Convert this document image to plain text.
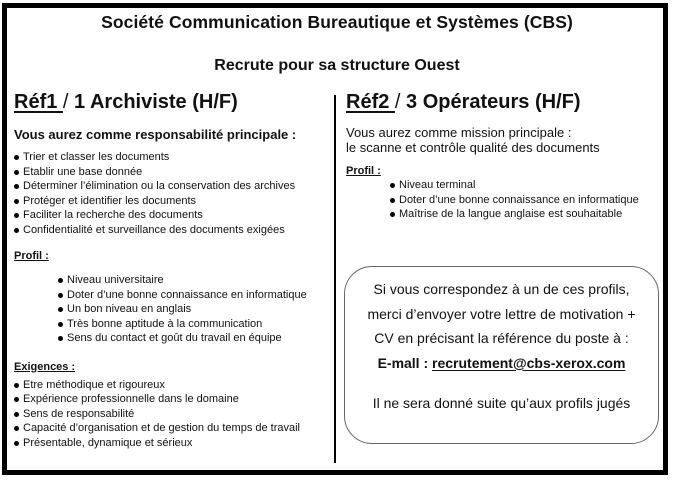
Société Communication Bureautique et Systèmes (CBS)
Recrute pour sa structure Ouest
Réf1 / 1 Archiviste (H/F)
Vous aurez comme responsabilité principale :
Trier et classer les documents
Etablir une base donnée
Déterminer l’élimination ou la conservation des archives
Protéger et identifier les documents
Faciliter la recherche des documents
Confidentialité et surveillance des documents exigées
Profil :
Niveau universitaire
Doter d’une bonne connaissance en informatique
Un bon niveau en anglais
Très bonne aptitude à la communication
Sens du contact et goût du travail en équipe
Exigences :
Etre méthodique et rigoureux
Expérience professionnelle dans le domaine
Sens de responsabilité
Capacité d’organisation et de gestion du temps de travail
Présentable, dynamique et sérieux
Réf2 / 3 Opérateurs (H/F)
Vous aurez comme mission principale :
le scanne et contrôle qualité des documents
Profil :
Niveau terminal
Doter d’une bonne connaissance en informatique
Maîtrise de la langue anglaise est souhaitable
Si vous correspondez à un de ces profils,
merci d’envoyer votre lettre de motivation +
CV en précisant la référence du poste à :
E-mall : recrutement@cbs-xerox.com
Il ne sera donné suite qu’aux profils jugés
